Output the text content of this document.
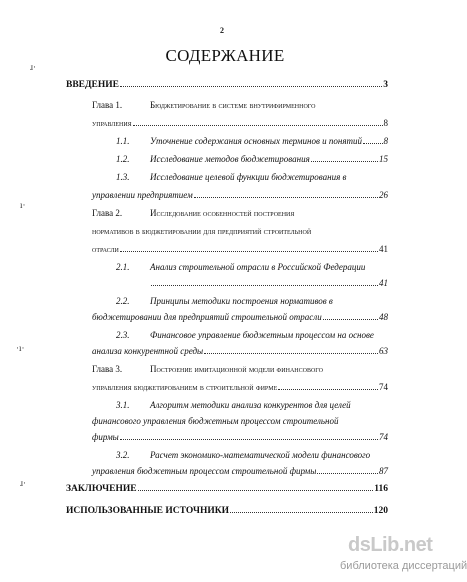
2
СОДЕРЖАНИЕ
ɹ·
ı·
·ı·
ɹ·
ВВЕДЕНИЕ	3
Глава 1.	Бюджетирование в системе внутрифирменного
управления	8
1.1. Уточнение содержания основных терминов и понятий 8
1.2. Исследование методов бюджетирования	15
1.3. Исследование целевой функции бюджетирования в
управлении предприятием	26
Глава 2.	Исследование особенностей построения
нормативов в бюджетировании для предприятий строительной
отрасли	41
2.1. Анализ строительной отрасли в Российской Федерации
41
2.2. Принципы методики построения нормативов в
бюджетировании для предприятий строительной отрасли	48
2.3. Финансовое управление бюджетным процессом на основе
анализа конкурентной среды	63
Глава 3.	Построение имитационной модели финансового
управления бюджетированием в строительной фирме	74
3.1. Алгоритм методики анализа конкурентов для целей
финансового управления бюджетным процессом строительной
фирмы	74
3.2. Расчет экономико-математической модели финансового
управления бюджетным процессом строительной фирмы	87
ЗАКЛЮЧЕНИЕ	116
ИСПОЛЬЗОВАННЫЕ ИСТОЧНИКИ	120
dsLib.net
библиотека диссертаций
